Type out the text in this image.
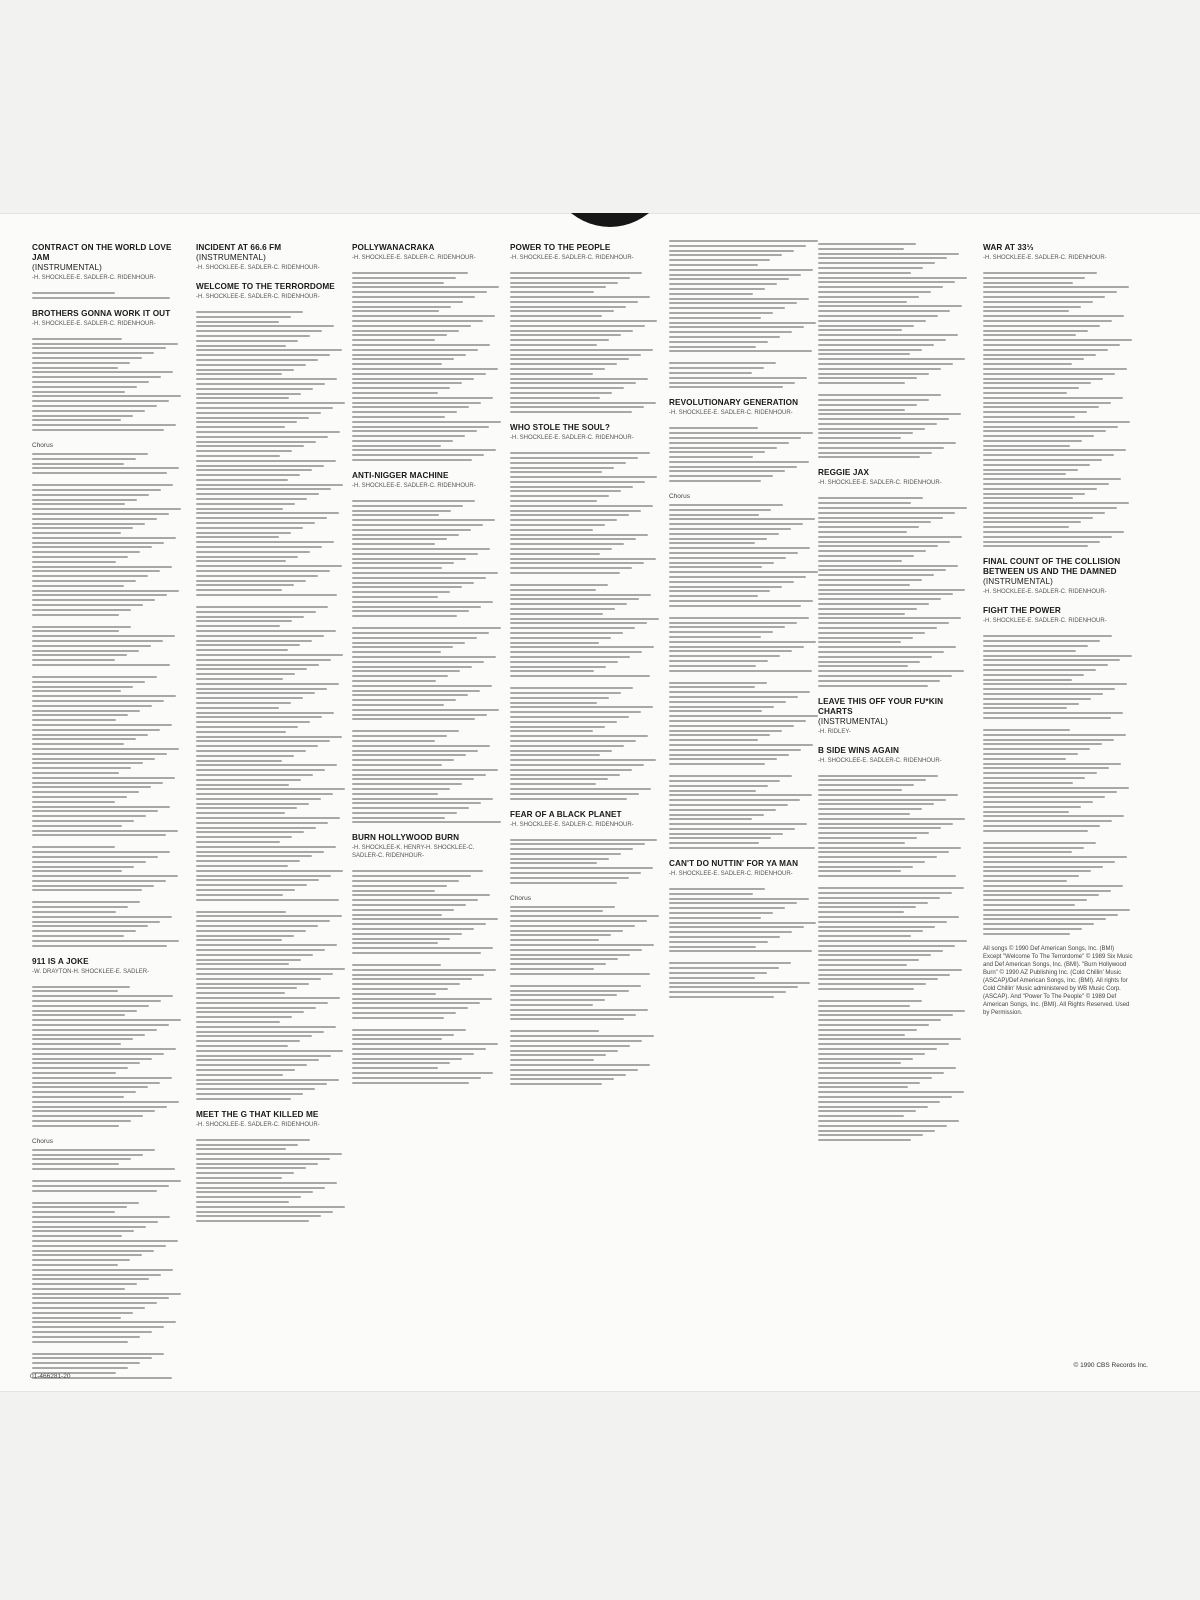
CONTRACT ON THE WORLD LOVE JAM
(INSTRUMENTAL)
-H. SHOCKLEE-E. SADLER-C. RIDENHOUR-
BROTHERS GONNA WORK IT OUT
-H. SHOCKLEE-E. SADLER-C. RIDENHOUR-
Chorus
911 IS A JOKE
-W. DRAYTON-H. SHOCKLEE-E. SADLER-
Chorus
INCIDENT AT 66.6 FM
(INSTRUMENTAL)
-H. SHOCKLEE-E. SADLER-C. RIDENHOUR-
WELCOME TO THE TERRORDOME
-H. SHOCKLEE-E. SADLER-C. RIDENHOUR-
MEET THE G THAT KILLED ME
-H. SHOCKLEE-E. SADLER-C. RIDENHOUR-
POLLYWANACRAKA
-H. SHOCKLEE-E. SADLER-C. RIDENHOUR-
ANTI-NIGGER MACHINE
-H. SHOCKLEE-E. SADLER-C. RIDENHOUR-
BURN HOLLYWOOD BURN
-H. SHOCKLEE-K. HENRY-H. SHOCKLEE-C. SADLER-C. RIDENHOUR-
POWER TO THE PEOPLE
-H. SHOCKLEE-E. SADLER-C. RIDENHOUR-
WHO STOLE THE SOUL?
-H. SHOCKLEE-E. SADLER-C. RIDENHOUR-
FEAR OF A BLACK PLANET
-H. SHOCKLEE-E. SADLER-C. RIDENHOUR-
Chorus
REVOLUTIONARY GENERATION
-H. SHOCKLEE-E. SADLER-C. RIDENHOUR-
Chorus
CAN'T DO NUTTIN' FOR YA MAN
-H. SHOCKLEE-E. SADLER-C. RIDENHOUR-
REGGIE JAX
-H. SHOCKLEE-E. SADLER-C. RIDENHOUR-
LEAVE THIS OFF YOUR FU*KIN CHARTS
(INSTRUMENTAL)
-H. RIDLEY-
B SIDE WINS AGAIN
-H. SHOCKLEE-E. SADLER-C. RIDENHOUR-
WAR AT 33⅓
-H. SHOCKLEE-E. SADLER-C. RIDENHOUR-
FINAL COUNT OF THE COLLISION BETWEEN US AND THE DAMNED
(INSTRUMENTAL)
-H. SHOCKLEE-E. SADLER-C. RIDENHOUR-
FIGHT THE POWER
-H. SHOCKLEE-E. SADLER-C. RIDENHOUR-
All songs © 1990 Def American Songs, Inc. (BMI) Except "Welcome To The Terrordome" © 1989 Six Music and Def American Songs, Inc. (BMI). "Burn Hollywood Burn" © 1990 AZ Publishing Inc. (Cold Chillin' Music (ASCAP)/Def American Songs, Inc. (BMI). All rights for Cold Chillin' Music administered by WB Music Corp. (ASCAP). And "Power To The People" © 1989 Def American Songs, Inc. (BMI). All Rights Reserved. Used by Permission.
01-466281-20
© 1990 CBS Records Inc.
